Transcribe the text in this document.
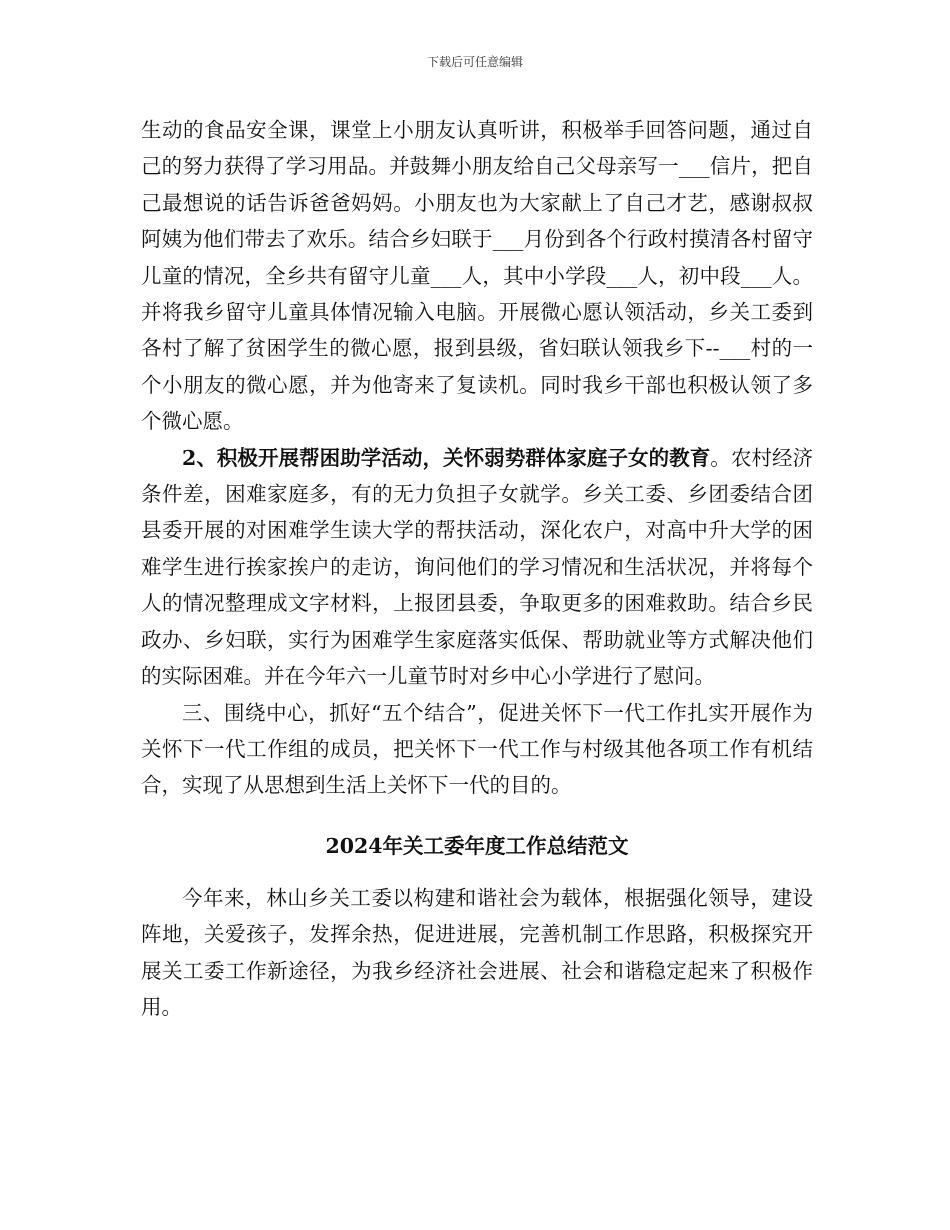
下载后可任意编辑

生动的食品安全课，课堂上小朋友认真听讲，积极举手回答问题，通过自己的努力获得了学习用品。并鼓舞小朋友给自己父母亲写一___信片，把自己最想说的话告诉爸爸妈妈。小朋友也为大家献上了自己才艺，感谢叔叔阿姨为他们带去了欢乐。结合乡妇联于___月份到各个行政村摸清各村留守儿童的情况，全乡共有留守儿童___人，其中小学段___人，初中段___人。并将我乡留守儿童具体情况输入电脑。开展微心愿认领活动，乡关工委到各村了解了贫困学生的微心愿，报到县级，省妇联认领我乡下--___村的一个小朋友的微心愿，并为他寄来了复读机。同时我乡干部也积极认领了多个微心愿。

2、积极开展帮困助学活动，关怀弱势群体家庭子女的教育。农村经济条件差，困难家庭多，有的无力负担子女就学。乡关工委、乡团委结合团县委开展的对困难学生读大学的帮扶活动，深化农户，对高中升大学的困难学生进行挨家挨户的走访，询问他们的学习情况和生活状况，并将每个人的情况整理成文字材料，上报团县委，争取更多的困难救助。结合乡民政办、乡妇联，实行为困难学生家庭落实低保、帮助就业等方式解决他们的实际困难。并在今年六一儿童节时对乡中心小学进行了慰问。

三、围绕中心，抓好“五个结合”，促进关怀下一代工作扎实开展作为关怀下一代工作组的成员，把关怀下一代工作与村级其他各项工作有机结合，实现了从思想到生活上关怀下一代的目的。

2024年关工委年度工作总结范文

今年来，林山乡关工委以构建和谐社会为载体，根据强化领导，建设阵地，关爱孩子，发挥余热，促进进展，完善机制工作思路，积极探究开展关工委工作新途径，为我乡经济社会进展、社会和谐稳定起来了积极作用。
